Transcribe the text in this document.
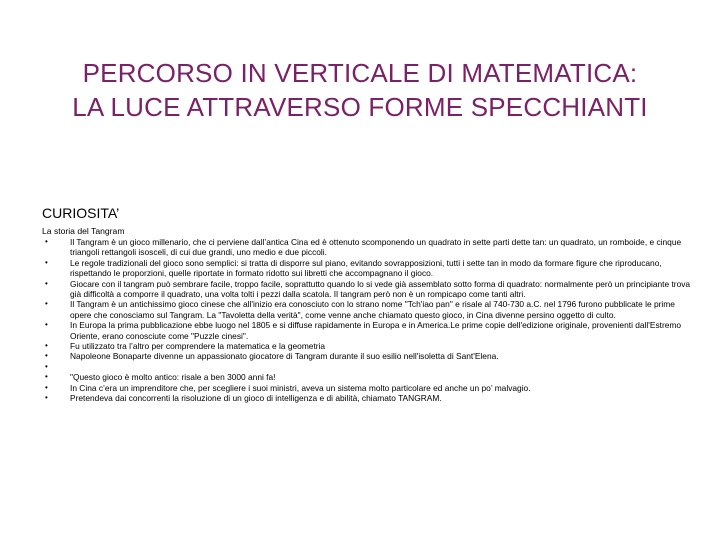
PERCORSO IN VERTICALE DI MATEMATICA:
LA LUCE ATTRAVERSO FORME SPECCHIANTI
CURIOSITA’
La storia del Tangram
•	Il Tangram è un gioco millenario, che ci perviene dall’antica Cina ed è ottenuto scomponendo un quadrato in sette parti dette tan: un quadrato, un romboide, e cinque triangoli rettangoli isosceli, di cui due grandi, uno medio e due piccoli.
•	Le regole tradizionali del gioco sono semplici: si tratta di disporre sul piano, evitando sovrapposizioni, tutti i sette tan in modo da formare figure che riproducano, rispettando le proporzioni, quelle riportate in formato ridotto sui libretti che accompagnano il gioco.
•	Giocare con il tangram può sembrare facile, troppo facile, soprattutto quando lo si vede già assemblato sotto forma di quadrato: normalmente però un principiante trova già difficoltà a comporre il quadrato, una volta tolti i pezzi dalla scatola. Il tangram però non è un rompicapo come tanti altri.
•	Il Tangram è un antichissimo gioco cinese che all'inizio era conosciuto con lo strano nome "Tch'iao pan" e risale al 740-730 a.C. nel 1796 furono pubblicate le prime opere che conosciamo sul Tangram. La "Tavoletta della verità", come venne anche chiamato questo gioco, in Cina divenne persino oggetto di culto.
•	In Europa la prima pubblicazione ebbe luogo nel 1805 e si diffuse rapidamente in Europa e in America.Le prime copie dell'edizione originale, provenienti dall'Estremo Oriente, erano conosciute come "Puzzle cinesi".
•	Fu utilizzato tra l’altro per comprendere la matematica e la geometria
•	Napoleone Bonaparte divenne un appassionato giocatore di Tangram durante il suo esilio nell'isoletta di Sant'Elena.
•
•	"Questo gioco è molto antico: risale a ben 3000 anni fa!
•	In Cina c’era un imprenditore che, per scegliere i suoi ministri, aveva un sistema molto particolare ed anche un po’ malvagio.
•	Pretendeva dai concorrenti la risoluzione di un gioco di intelligenza e di abilità, chiamato TANGRAM.
